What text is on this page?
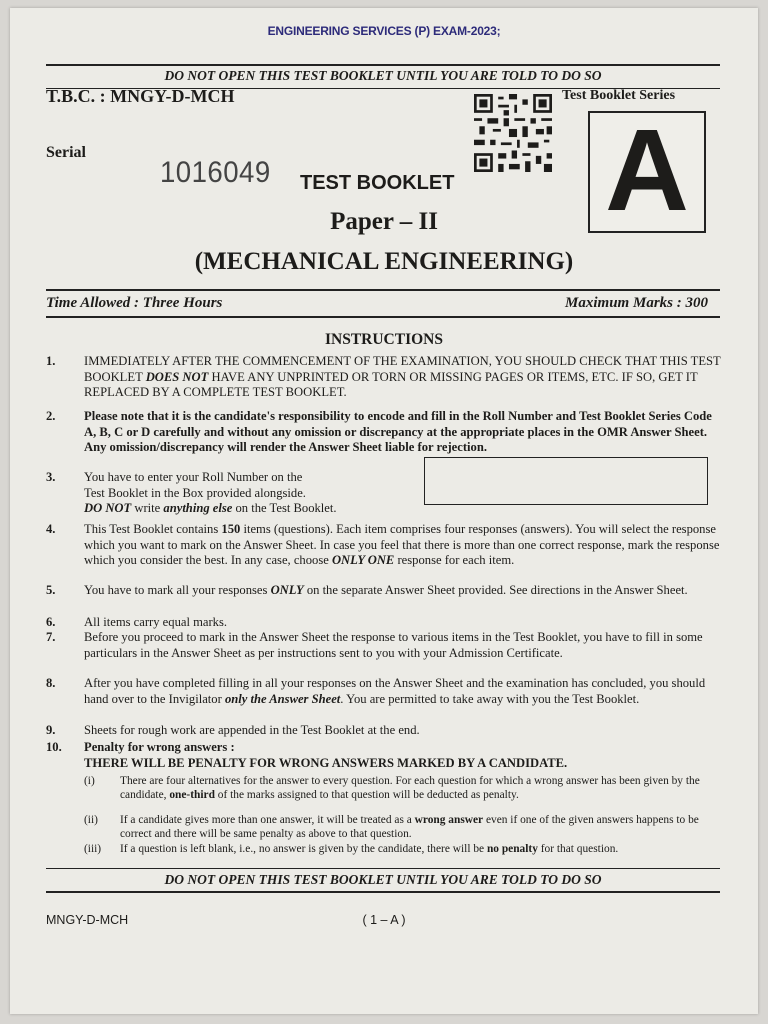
ENGINEERING SERVICES (P) EXAM-2023;
DO NOT OPEN THIS TEST BOOKLET UNTIL YOU ARE TOLD TO DO SO
T.B.C. : MNGY-D-MCH	Test Booklet Series
A
Serial
1016049 TEST BOOKLET
Paper – II
(MECHANICAL ENGINEERING)
Time Allowed : Three Hours	Maximum Marks : 300
INSTRUCTIONS
DO NOT OPEN THIS TEST BOOKLET UNTIL YOU ARE TOLD TO DO SO
MNGY-D-MCH	( 1 – A )
1.	IMMEDIATELY AFTER THE COMMENCEMENT OF THE EXAMINATION, YOU SHOULD CHECK THAT THIS TEST BOOKLET DOES NOT HAVE ANY UNPRINTED OR TORN OR MISSING PAGES OR ITEMS, ETC. IF SO, GET IT REPLACED BY A COMPLETE TEST BOOKLET.
2.	Please note that it is the candidate's responsibility to encode and fill in the Roll Number and Test Booklet Series Code A, B, C or D carefully and without any omission or discrepancy at the appropriate places in the OMR Answer Sheet. Any omission/discrepancy will render the Answer Sheet liable for rejection.
3.	You have to enter your Roll Number on the
Test Booklet in the Box provided alongside.
DO NOT write anything else on the Test Booklet.
4.	This Test Booklet contains 150 items (questions). Each item comprises four responses (answers). You will select the response which you want to mark on the Answer Sheet. In case you feel that there is more than one correct response, mark the response which you consider the best. In any case, choose ONLY ONE response for each item.
5.	You have to mark all your responses ONLY on the separate Answer Sheet provided. See directions in the Answer Sheet.
6.	All items carry equal marks.
7.	Before you proceed to mark in the Answer Sheet the response to various items in the Test Booklet, you have to fill in some particulars in the Answer Sheet as per instructions sent to you with your Admission Certificate.
8.	After you have completed filling in all your responses on the Answer Sheet and the examination has concluded, you should hand over to the Invigilator only the Answer Sheet. You are permitted to take away with you the Test Booklet.
9.	Sheets for rough work are appended in the Test Booklet at the end.
10.	Penalty for wrong answers :
THERE WILL BE PENALTY FOR WRONG ANSWERS MARKED BY A CANDIDATE.
(i) There are four alternatives for the answer to every question. For each question for which a wrong answer has been given by the candidate, one-third of the marks assigned to that question will be deducted as penalty.
(ii) If a candidate gives more than one answer, it will be treated as a wrong answer even if one of the given answers happens to be correct and there will be same penalty as above to that question.
(iii) If a question is left blank, i.e., no answer is given by the candidate, there will be no penalty for that question.
